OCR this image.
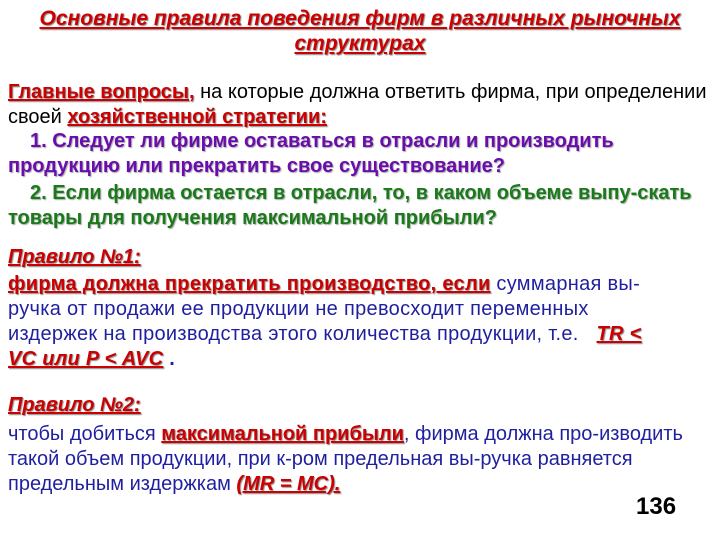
Основные правила поведения фирм в различных рыночных структурах
Главные вопросы, на которые должна ответить фирма, при определении своей хозяйственной стратегии:
1. Следует ли фирме оставаться в отрасли и производить продукцию или прекратить свое существование?
2. Если фирма остается в отрасли, то, в каком объеме выпу-скать товары для получения максимальной прибыли?
Правило №1:
фирма должна прекратить производство, если суммарная вы-ручка от продажи ее продукции не превосходит переменных издержек на производства этого количества продукции, т.е. TR < VC или P < AVC .
Правило №2:
чтобы добиться максимальной прибыли, фирма должна про-изводить такой объем продукции, при к-ром предельная вы-ручка равняется предельным издержкам (MR = MC).
136
